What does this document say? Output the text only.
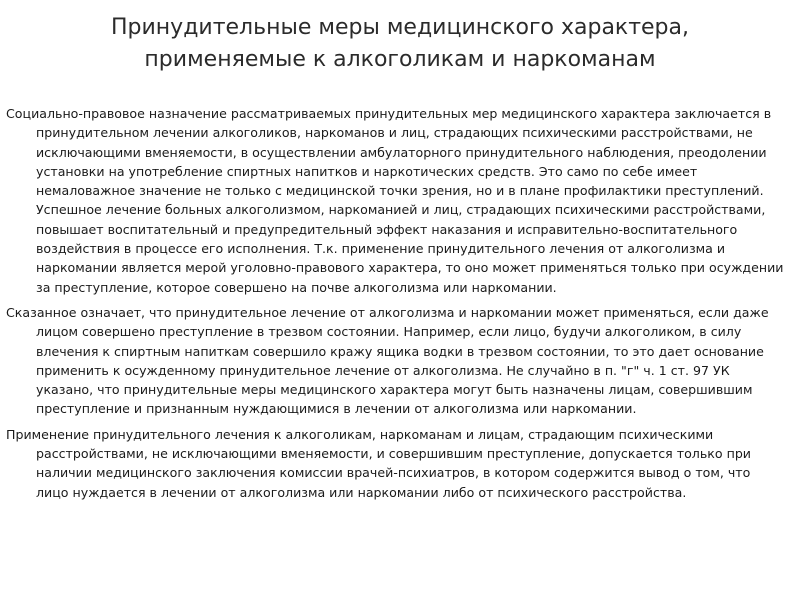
Принудительные меры медицинского характера,
применяемые к алкоголикам и наркоманам

Социально-правовое назначение рассматриваемых принудительных мер медицинского характера заключается в принудительном лечении алкоголиков, наркоманов и лиц, страдающих психическими расстройствами, не исключающими вменяемости, в осуществлении амбулаторного принудительного наблюдения, преодолении установки на употребление спиртных напитков и наркотических средств. Это само по себе имеет немаловажное значение не только с медицинской точки зрения, но и в плане профилактики преступлений. Успешное лечение больных алкоголизмом, наркоманией и лиц, страдающих психическими расстройствами, повышает воспитательный и предупредительный эффект наказания и исправительно-воспитательного воздействия в процессе его исполнения. Т.к. применение принудительного лечения от алкоголизма и наркомании является мерой уголовно-правового характера, то оно может применяться только при осуждении за преступление, которое совершено на почве алкоголизма или наркомании.

Сказанное означает, что принудительное лечение от алкоголизма и наркомании может применяться, если даже лицом совершено преступление в трезвом состоянии. Например, если лицо, будучи алкоголиком, в силу влечения к спиртным напиткам совершило кражу ящика водки в трезвом состоянии, то это дает основание применить к осужденному принудительное лечение от алкоголизма. Не случайно в п. "г" ч. 1 ст. 97 УК указано, что принудительные меры медицинского характера могут быть назначены лицам, совершившим преступление и признанным нуждающимися в лечении от алкоголизма или наркомании.

Применение принудительного лечения к алкоголикам, наркоманам и лицам, страдающим психическими расстройствами, не исключающими вменяемости, и совершившим преступление, допускается только при наличии медицинского заключения комиссии врачей-психиатров, в котором содержится вывод о том, что лицо нуждается в лечении от алкоголизма или наркомании либо от психического расстройства.
